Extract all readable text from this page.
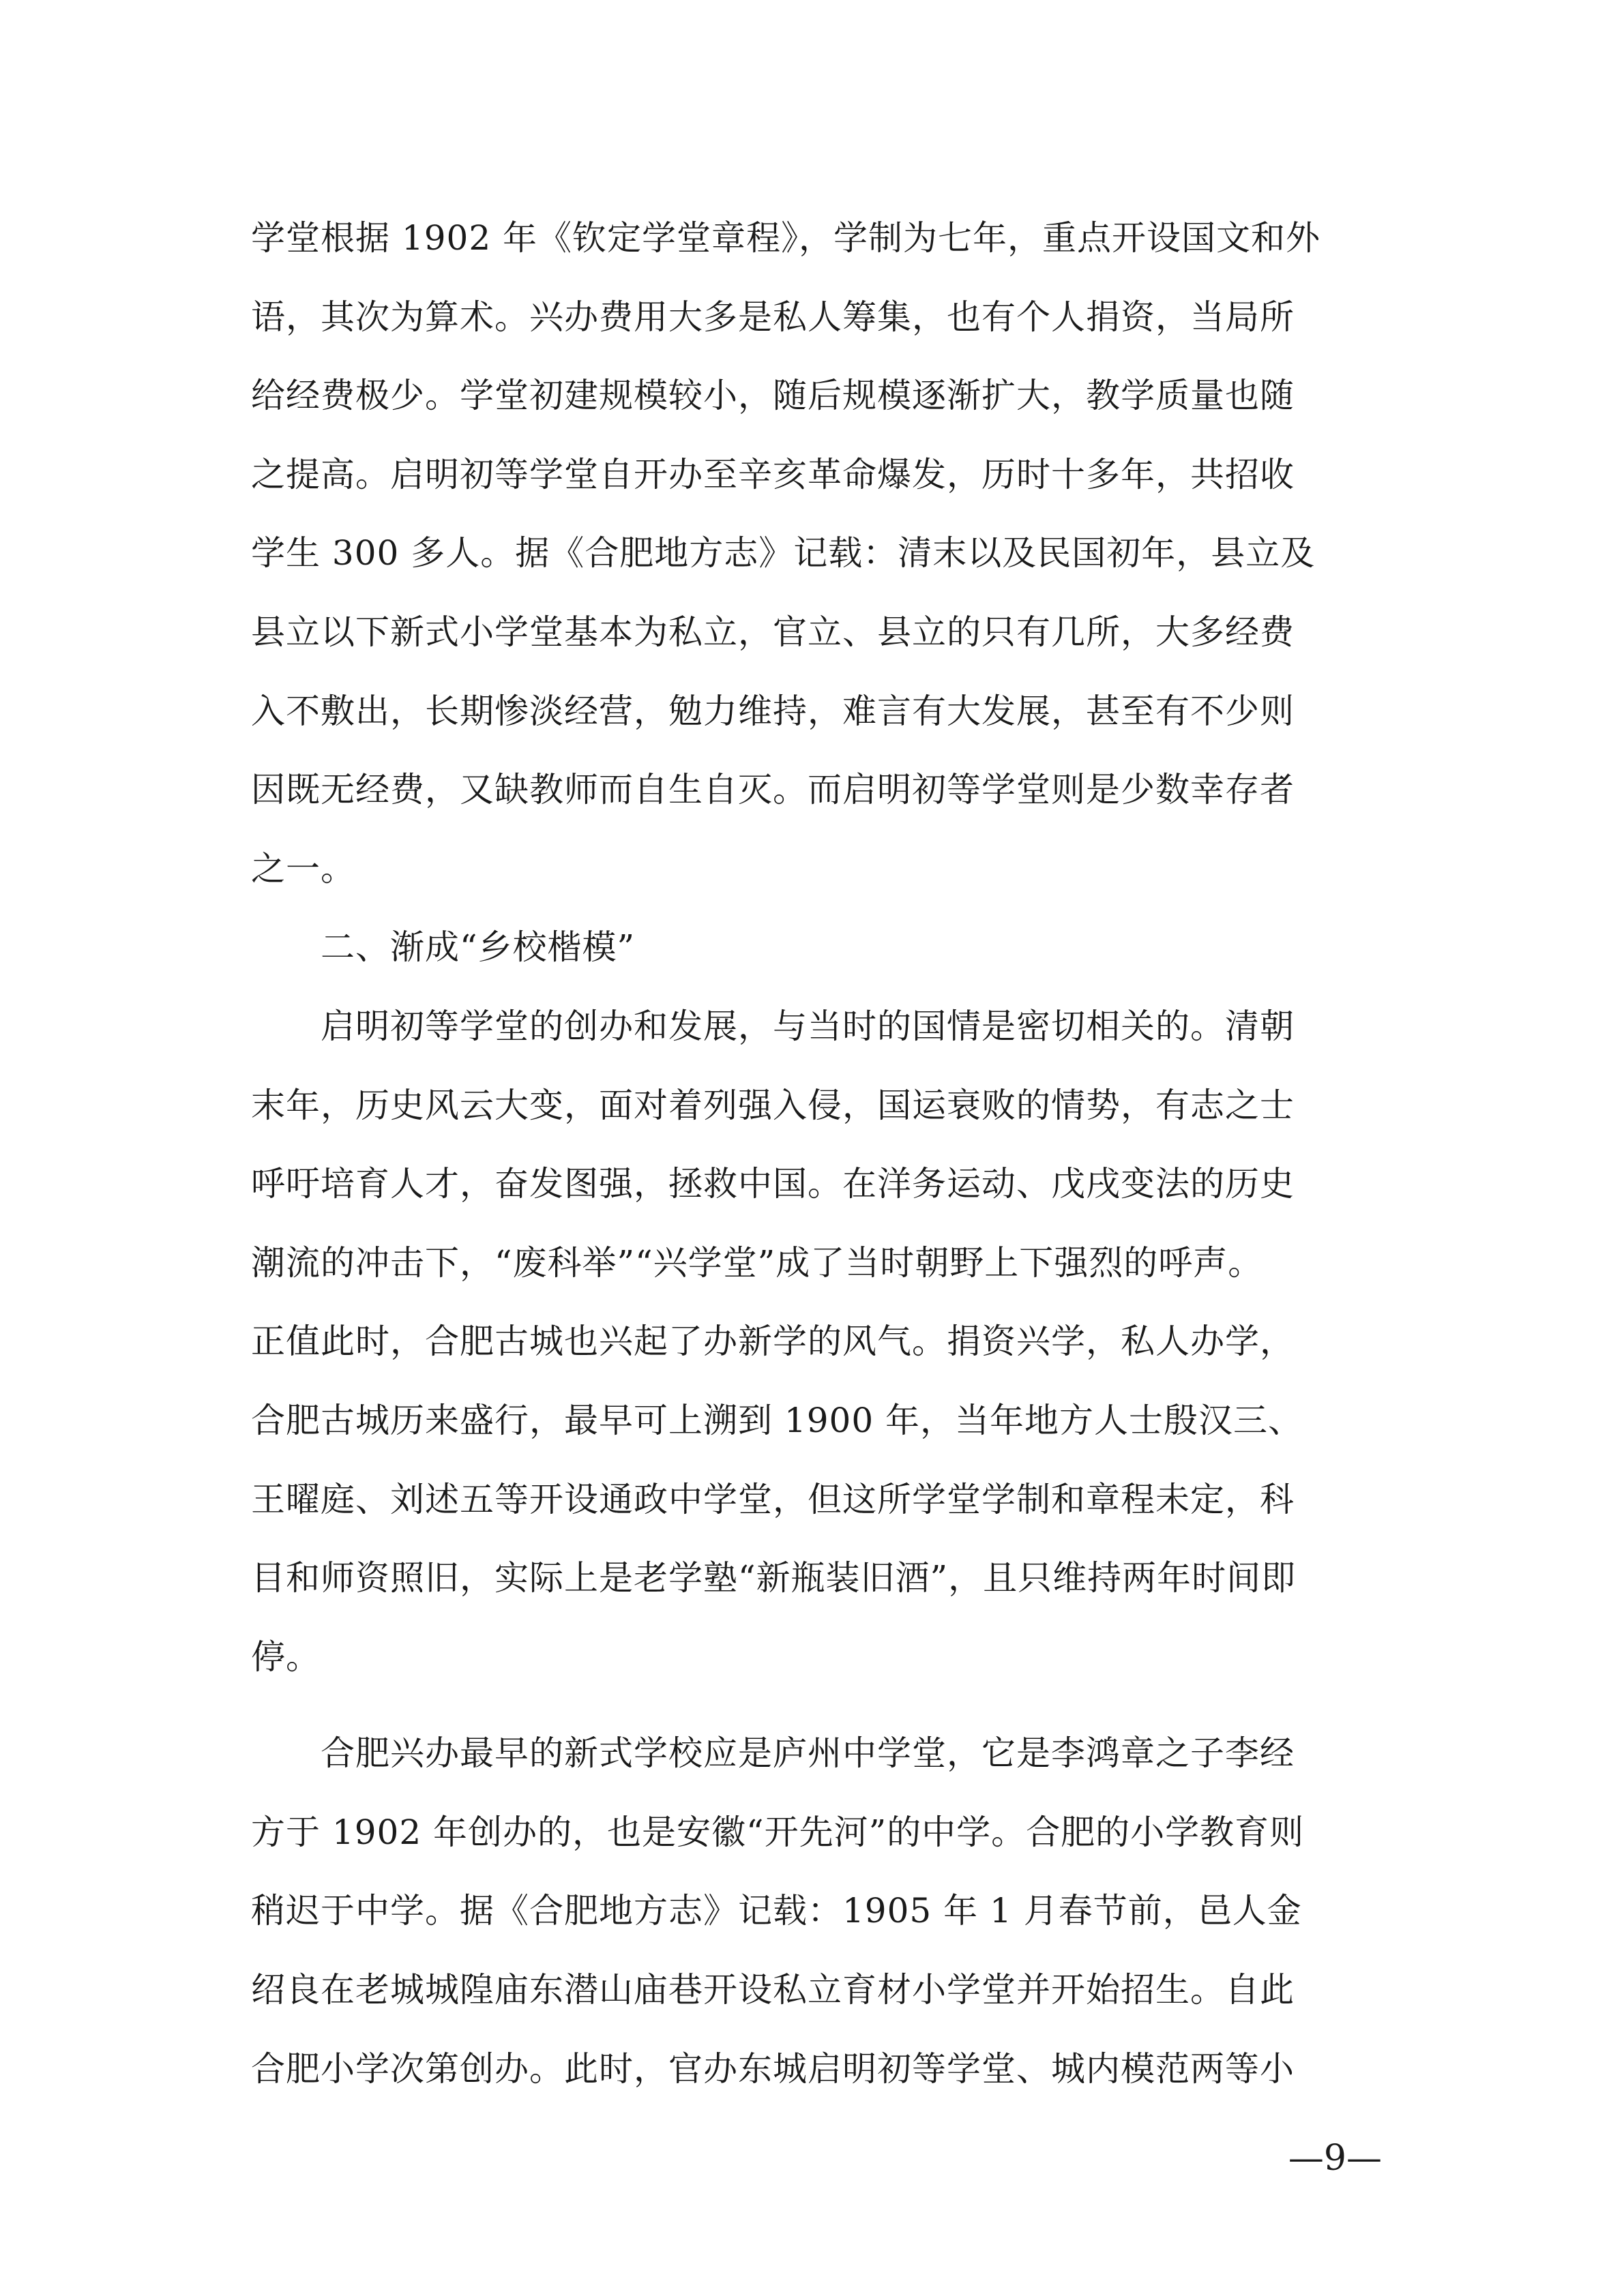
学堂根据 1902 年《钦定学堂章程》，学制为七年，重点开设国文和外
语，其次为算术。兴办费用大多是私人筹集，也有个人捐资，当局所
给经费极少。学堂初建规模较小，随后规模逐渐扩大，教学质量也随
之提高。启明初等学堂自开办至辛亥革命爆发，历时十多年，共招收
学生 300 多人。据《合肥地方志》记载：清末以及民国初年，县立及
县立以下新式小学堂基本为私立，官立、县立的只有几所，大多经费
入不敷出，长期惨淡经营，勉力维持，难言有大发展，甚至有不少则
因既无经费，又缺教师而自生自灭。而启明初等学堂则是少数幸存者
之一。
　　二、渐成“乡校楷模”
　　启明初等学堂的创办和发展，与当时的国情是密切相关的。清朝
末年，历史风云大变，面对着列强入侵，国运衰败的情势，有志之士
呼吁培育人才，奋发图强，拯救中国。在洋务运动、戊戌变法的历史
潮流的冲击下，“废科举”“兴学堂”成了当时朝野上下强烈的呼声。
正值此时，合肥古城也兴起了办新学的风气。捐资兴学，私人办学，
合肥古城历来盛行，最早可上溯到 1900 年，当年地方人士殷汉三、
王曜庭、刘述五等开设通政中学堂，但这所学堂学制和章程未定，科
目和师资照旧，实际上是老学塾“新瓶装旧酒”，且只维持两年时间即
停。
　　合肥兴办最早的新式学校应是庐州中学堂，它是李鸿章之子李经
方于 1902 年创办的，也是安徽“开先河”的中学。合肥的小学教育则
稍迟于中学。据《合肥地方志》记载：1905 年 1 月春节前，邑人金
绍良在老城城隍庙东潜山庙巷开设私立育材小学堂并开始招生。自此
合肥小学次第创办。此时，官办东城启明初等学堂、城内模范两等小
—9—
